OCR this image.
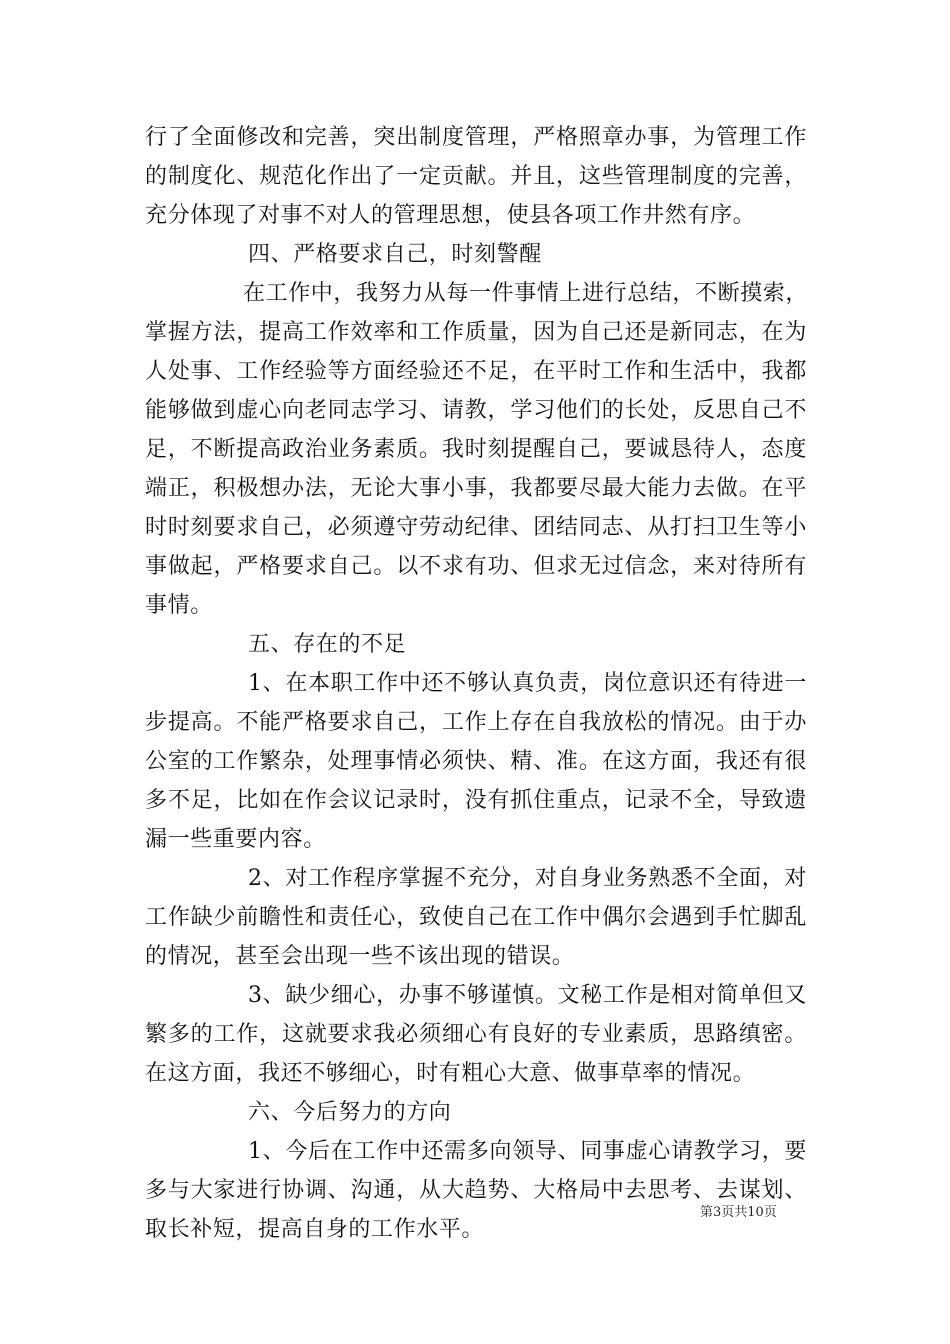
行了全面修改和完善，突出制度管理，严格照章办事，为管理工作
的制度化、规范化作出了一定贡献。并且，这些管理制度的完善，
充分体现了对事不对人的管理思想，使县各项工作井然有序。
四、严格要求自己，时刻警醒
在工作中，我努力从每一件事情上进行总结，不断摸索，
掌握方法，提高工作效率和工作质量，因为自己还是新同志，在为
人处事、工作经验等方面经验还不足，在平时工作和生活中，我都
能够做到虚心向老同志学习、请教，学习他们的长处，反思自己不
足，不断提高政治业务素质。我时刻提醒自己，要诚恳待人，态度
端正，积极想办法，无论大事小事，我都要尽最大能力去做。在平
时时刻要求自己，必须遵守劳动纪律、团结同志、从打扫卫生等小
事做起，严格要求自己。以不求有功、但求无过信念，来对待所有
事情。
五、存在的不足
1、在本职工作中还不够认真负责，岗位意识还有待进一
步提高。不能严格要求自己，工作上存在自我放松的情况。由于办
公室的工作繁杂，处理事情必须快、精、准。在这方面，我还有很
多不足，比如在作会议记录时，没有抓住重点，记录不全，导致遗
漏一些重要内容。
2、对工作程序掌握不充分，对自身业务熟悉不全面，对
工作缺少前瞻性和责任心，致使自己在工作中偶尔会遇到手忙脚乱
的情况，甚至会出现一些不该出现的错误。
3、缺少细心，办事不够谨慎。文秘工作是相对简单但又
繁多的工作，这就要求我必须细心有良好的专业素质，思路缜密。
在这方面，我还不够细心，时有粗心大意、做事草率的情况。
六、今后努力的方向
1、今后在工作中还需多向领导、同事虚心请教学习，要
多与大家进行协调、沟通，从大趋势、大格局中去思考、去谋划、
取长补短，提高自身的工作水平。
第3页共10页
